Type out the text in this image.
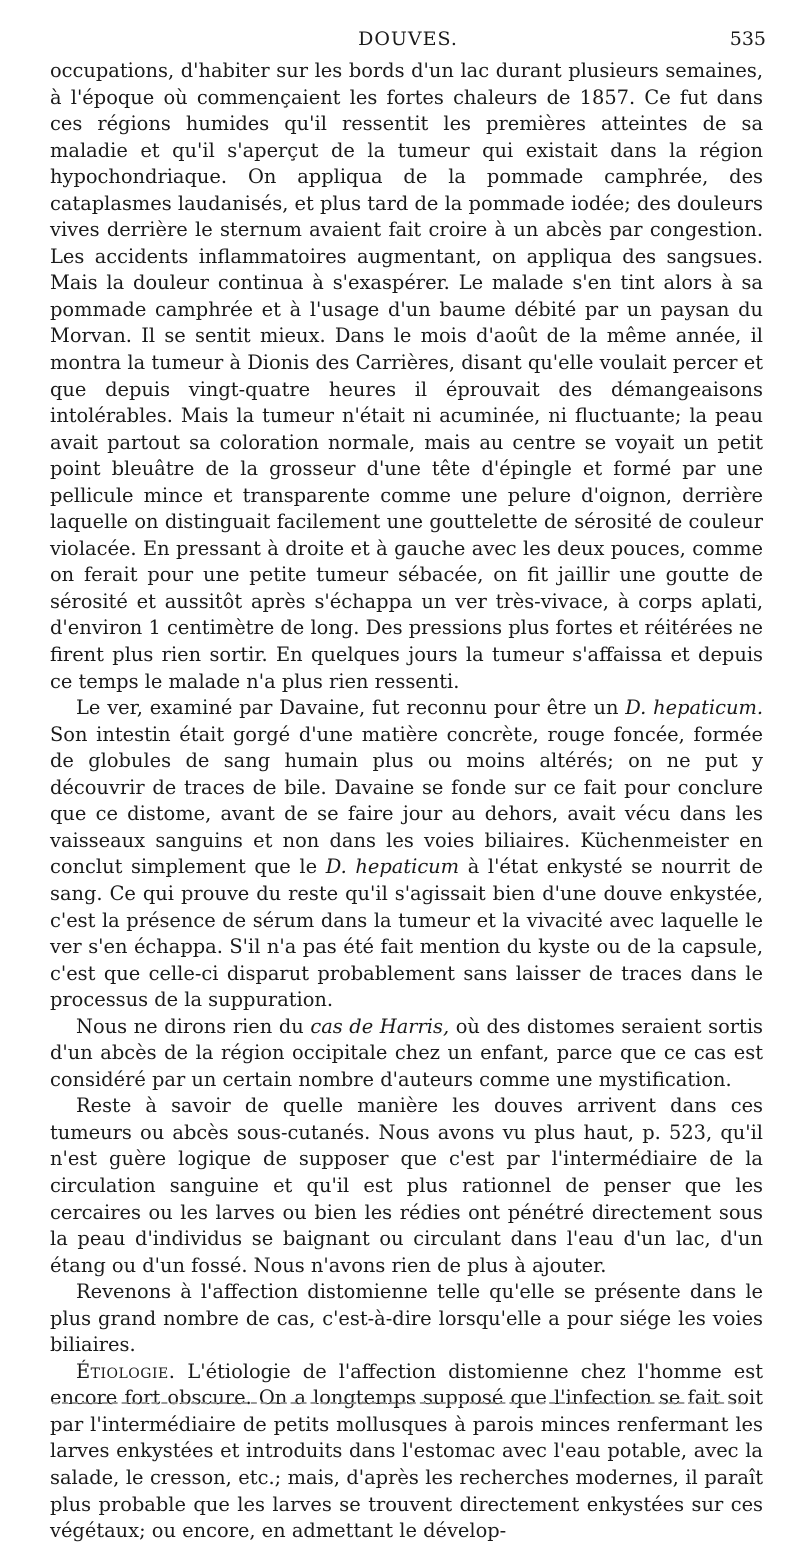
DOUVES.	535

occupations, d'habiter sur les bords d'un lac durant plusieurs semaines, à l'époque où commençaient les fortes chaleurs de 1857. Ce fut dans ces régions humides qu'il ressentit les premières atteintes de sa maladie et qu'il s'aperçut de la tumeur qui existait dans la région hypochondriaque. On appliqua de la pommade camphrée, des cataplasmes laudanisés, et plus tard de la pommade iodée; des douleurs vives derrière le sternum avaient fait croire à un abcès par congestion. Les accidents inflammatoires augmentant, on appliqua des sangsues. Mais la douleur continua à s'exaspérer. Le malade s'en tint alors à sa pommade camphrée et à l'usage d'un baume débité par un paysan du Morvan. Il se sentit mieux. Dans le mois d'août de la même année, il montra la tumeur à Dionis des Carrières, disant qu'elle voulait percer et que depuis vingt-quatre heures il éprouvait des démangeaisons intolérables. Mais la tumeur n'était ni acuminée, ni fluctuante; la peau avait partout sa coloration normale, mais au centre se voyait un petit point bleuâtre de la grosseur d'une tête d'épingle et formé par une pellicule mince et transparente comme une pelure d'oignon, derrière laquelle on distinguait facilement une gouttelette de sérosité de couleur violacée. En pressant à droite et à gauche avec les deux pouces, comme on ferait pour une petite tumeur sébacée, on fit jaillir une goutte de sérosité et aussitôt après s'échappa un ver très-vivace, à corps aplati, d'environ 1 centimètre de long. Des pressions plus fortes et réitérées ne firent plus rien sortir. En quelques jours la tumeur s'affaissa et depuis ce temps le malade n'a plus rien ressenti.

Le ver, examiné par Davaine, fut reconnu pour être un D. hepaticum. Son intestin était gorgé d'une matière concrète, rouge foncée, formée de globules de sang humain plus ou moins altérés; on ne put y découvrir de traces de bile. Davaine se fonde sur ce fait pour conclure que ce distome, avant de se faire jour au dehors, avait vécu dans les vaisseaux sanguins et non dans les voies biliaires. Küchenmeister en conclut simplement que le D. hepaticum à l'état enkysté se nourrit de sang. Ce qui prouve du reste qu'il s'agissait bien d'une douve enkystée, c'est la présence de sérum dans la tumeur et la vivacité avec laquelle le ver s'en échappa. S'il n'a pas été fait mention du kyste ou de la capsule, c'est que celle-ci disparut probablement sans laisser de traces dans le processus de la suppuration.

Nous ne dirons rien du cas de Harris, où des distomes seraient sortis d'un abcès de la région occipitale chez un enfant, parce que ce cas est considéré par un certain nombre d'auteurs comme une mystification.

Reste à savoir de quelle manière les douves arrivent dans ces tumeurs ou abcès sous-cutanés. Nous avons vu plus haut, p. 523, qu'il n'est guère logique de supposer que c'est par l'intermédiaire de la circulation sanguine et qu'il est plus rationnel de penser que les cercaires ou les larves ou bien les rédies ont pénétré directement sous la peau d'individus se baignant ou circulant dans l'eau d'un lac, d'un étang ou d'un fossé. Nous n'avons rien de plus à ajouter.

Revenons à l'affection distomienne telle qu'elle se présente dans le plus grand nombre de cas, c'est-à-dire lorsqu'elle a pour siége les voies biliaires.

Étiologie. L'étiologie de l'affection distomienne chez l'homme est encore fort obscure. On a longtemps supposé que l'infection se fait soit par l'intermédiaire de petits mollusques à parois minces renfermant les larves enkystées et introduits dans l'estomac avec l'eau potable, avec la salade, le cresson, etc.; mais, d'après les recherches modernes, il paraît plus probable que les larves se trouvent directement enkystées sur ces végétaux; ou encore, en admettant le dévelop-
